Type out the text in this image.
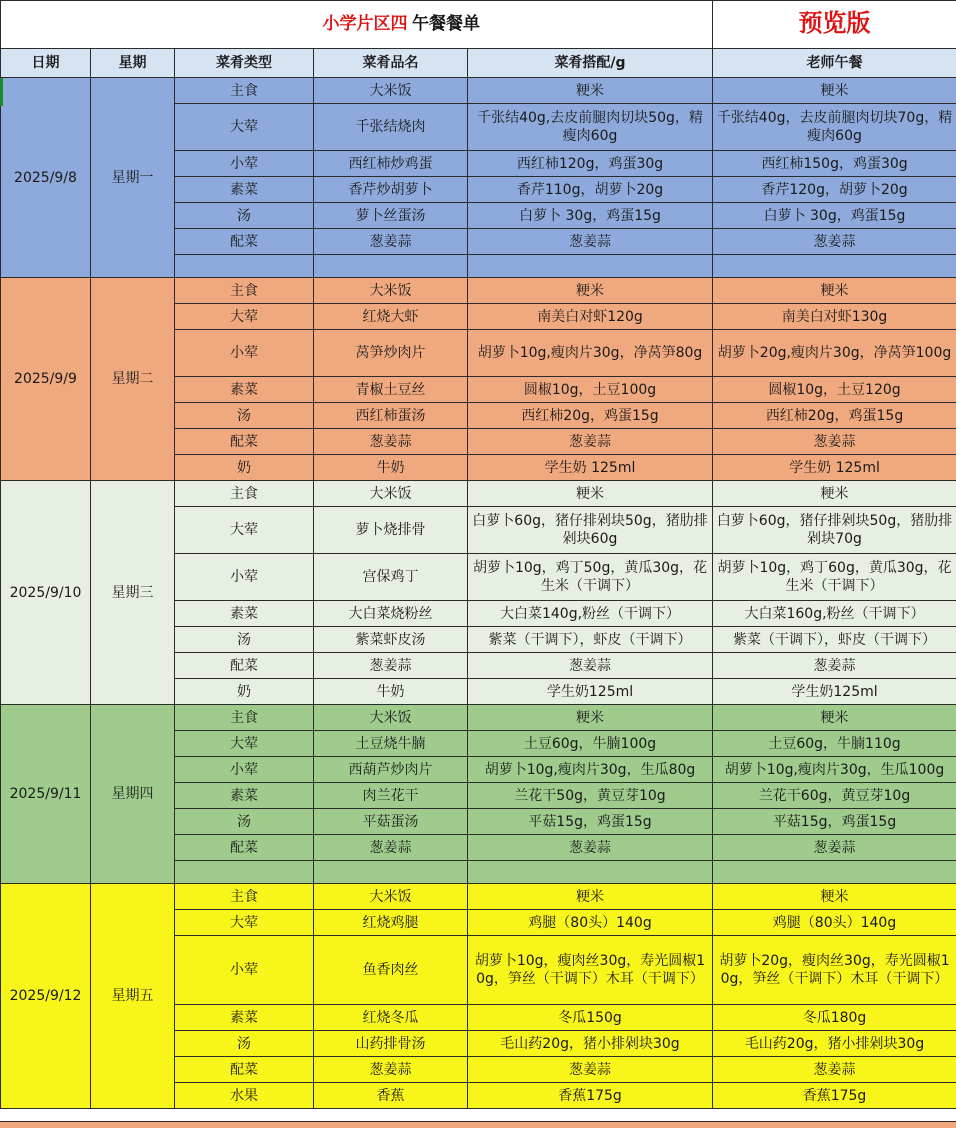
	小学片区四 午餐餐单				预览版
日期	星期	菜肴类型	菜肴品名	菜肴搭配/g	老师午餐
2025/9/8	星期一	主食	大米饭	粳米	粳米
		大荤	千张结烧肉	千张结40g,去皮前腿肉切块50g，精瘦肉60g	千张结40g，去皮前腿肉切块70g，精瘦肉60g
		小荤	西红柿炒鸡蛋	西红柿120g，鸡蛋30g	西红柿150g，鸡蛋30g
		素菜	香芹炒胡萝卜	香芹110g，胡萝卜20g	香芹120g，胡萝卜20g
		汤	萝卜丝蛋汤	白萝卜 30g，鸡蛋15g	白萝卜 30g，鸡蛋15g
		配菜	葱姜蒜	葱姜蒜	葱姜蒜

2025/9/9	星期二	主食	大米饭	粳米	粳米
		大荤	红烧大虾	南美白对虾120g	南美白对虾130g
		小荤	莴笋炒肉片	胡萝卜10g,瘦肉片30g，净莴笋80g	胡萝卜20g,瘦肉片30g，净莴笋100g
		素菜	青椒土豆丝	圆椒10g，土豆100g	圆椒10g，土豆120g
		汤	西红柿蛋汤	西红柿20g，鸡蛋15g	西红柿20g，鸡蛋15g
		配菜	葱姜蒜	葱姜蒜	葱姜蒜
		奶	牛奶	学生奶 125ml	学生奶 125ml
2025/9/10	星期三	主食	大米饭	粳米	粳米
		大荤	萝卜烧排骨	白萝卜60g，猪仔排剁块50g，猪肋排剁块60g	白萝卜60g，猪仔排剁块50g，猪肋排剁块70g
		小荤	宫保鸡丁	胡萝卜10g，鸡丁50g，黄瓜30g，花生米（干调下）	胡萝卜10g，鸡丁60g，黄瓜30g，花生米（干调下）
		素菜	大白菜烧粉丝	大白菜140g,粉丝（干调下）	大白菜160g,粉丝（干调下）
		汤	紫菜虾皮汤	紫菜（干调下），虾皮（干调下）	紫菜（干调下），虾皮（干调下）
		配菜	葱姜蒜	葱姜蒜	葱姜蒜
		奶	牛奶	学生奶125ml	学生奶125ml
2025/9/11	星期四	主食	大米饭	粳米	粳米
		大荤	土豆烧牛腩	土豆60g，牛腩100g	土豆60g，牛腩110g
		小荤	西葫芦炒肉片	胡萝卜10g,瘦肉片30g，生瓜80g	胡萝卜10g,瘦肉片30g，生瓜100g
		素菜	肉兰花干	兰花干50g，黄豆芽10g	兰花干60g，黄豆芽10g
		汤	平菇蛋汤	平菇15g，鸡蛋15g	平菇15g，鸡蛋15g
		配菜	葱姜蒜	葱姜蒜	葱姜蒜

2025/9/12	星期五	主食	大米饭	粳米	粳米
		大荤	红烧鸡腿	鸡腿（80头）140g	鸡腿（80头）140g
		小荤	鱼香肉丝	胡萝卜10g，瘦肉丝30g，寿光圆椒10g，笋丝（干调下）木耳（干调下）	胡萝卜20g，瘦肉丝30g，寿光圆椒10g，笋丝（干调下）木耳（干调下）
		素菜	红烧冬瓜	冬瓜150g	冬瓜180g
		汤	山药排骨汤	毛山药20g，猪小排剁块30g	毛山药20g，猪小排剁块30g
		配菜	葱姜蒜	葱姜蒜	葱姜蒜
		水果	香蕉	香蕉175g	香蕉175g
